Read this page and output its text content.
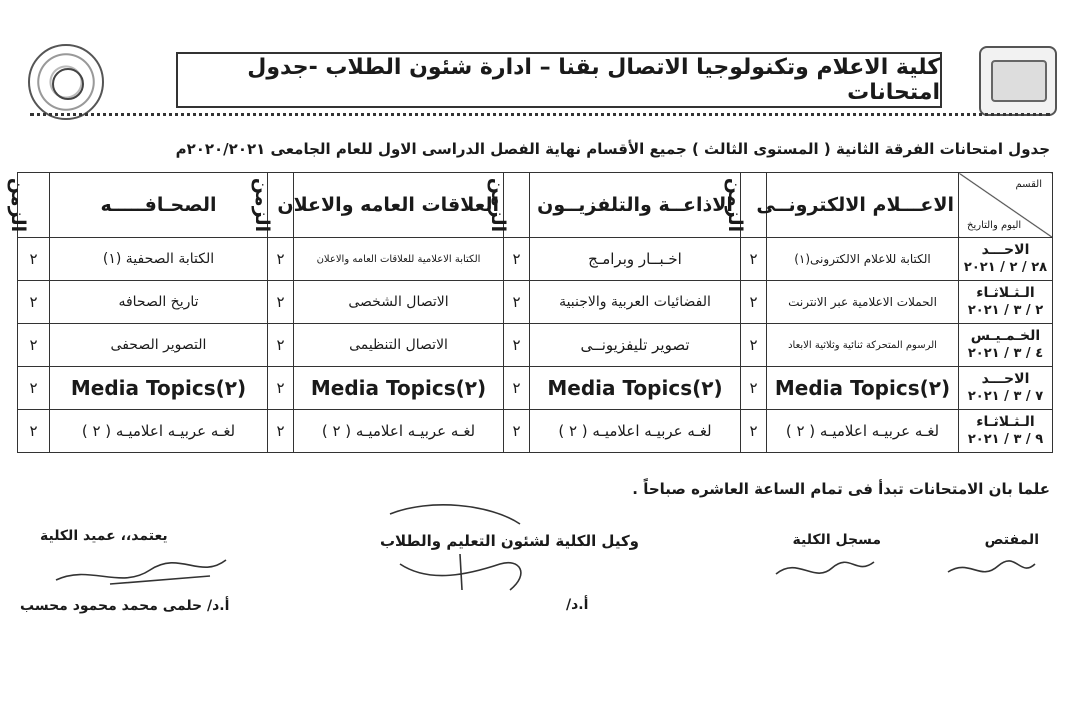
كلية الاعلام وتكنولوجيا الاتصال بقنا – ادارة شئون الطلاب -جدول امتحانات
جدول امتحانات الفرقة الثانية ( المستوى الثالث ) جميع الأقسام نهاية الفصل الدراسى الاول للعام الجامعى ٢٠٢٠/٢٠٢١م
القسم
اليوم والتاريخ	الاعـــلام الالكترونــى	الزمن	الاذاعــة والتلفزيــون	الزمن	العلاقات العامه والاعلان	الزمن	الصحـافـــــه	الزمن

الاحـــد
٢٨ / ٢ / ٢٠٢١	الكتابة للاعلام الالكترونى(١)	٢	اخـبــار وبرامـج	٢	الكتابة الاعلامية للعلاقات العامه والاعلان	٢	الكتابة الصحفية (١)	٢

الـثـلاثـاء
٢ / ٣ / ٢٠٢١	الحملات الاعلامية عبر الانترنت	٢	الفضائيات العربية والاجنبية	٢	الاتصال الشخصى	٢	تاريخ الصحافه	٢

الخـمـيـس
٤ / ٣ / ٢٠٢١	الرسوم المتحركة ثنائية وثلاثية الابعاد	٢	تصوير تليفزيونــى	٢	الاتصال التنظيمى	٢	التصوير الصحفى	٢

الاحـــد
٧ / ٣ / ٢٠٢١	Media Topics(٢)	٢	Media Topics(٢)	٢	Media Topics(٢)	٢	Media Topics(٢)	٢

الـثـلاثـاء
٩ / ٣ / ٢٠٢١	لغـه عربيـه اعلاميـه ( ٢ )	٢	لغـه عربيـه اعلاميـه ( ٢ )	٢	لغـه عربيـه اعلاميـه ( ٢ )	٢	لغـه عربيـه اعلاميـه ( ٢ )	٢
علما بان الامتحانات تبدأ فى تمام الساعة العاشره صباحاً .
المفتص
مسجل الكلية
وكيل الكلية لشئون التعليم والطلاب
أ.د/
يعتمد،، عميد الكلية
أ.د/ حلمى محمد محمود محسب
